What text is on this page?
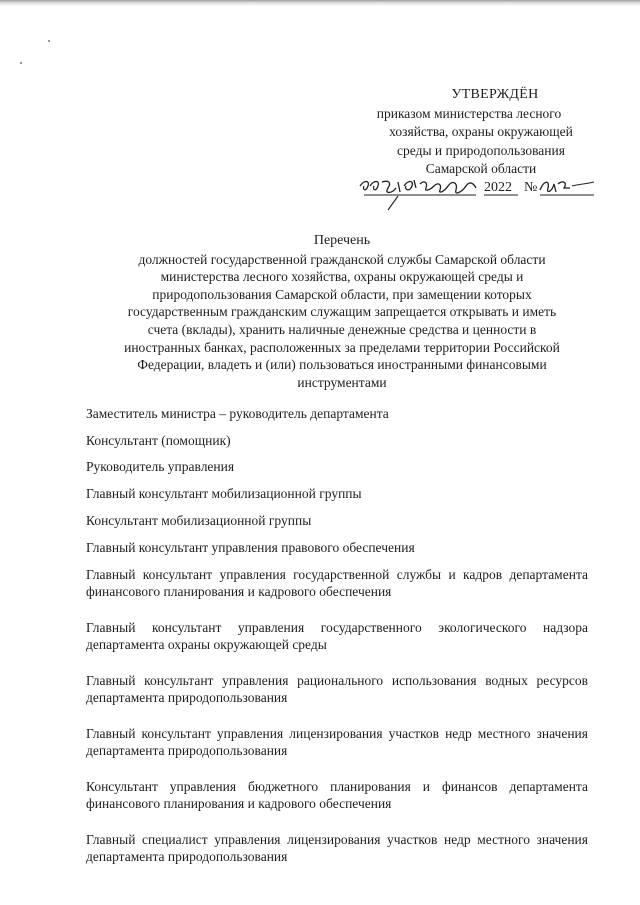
УТВЕРЖДЁН
приказом министерства лесного
хозяйства, охраны окружающей
среды и природопользования
Самарской области
2022 №
Перечень
должностей государственной гражданской службы Самарской области
министерства лесного хозяйства, охраны окружающей среды и
природопользования Самарской области, при замещении которых
государственным гражданским служащим запрещается открывать и иметь
счета (вклады), хранить наличные денежные средства и ценности в
иностранных банках, расположенных за пределами территории Российской
Федерации, владеть и (или) пользоваться иностранными финансовыми
инструментами

Заместитель министра – руководитель департамента

Консультант (помощник)

Руководитель управления

Главный консультант мобилизационной группы

Консультант мобилизационной группы

Главный консультант управления правового обеспечения

Главный консультант управления государственной службы и кадров департамента финансового планирования и кадрового обеспечения

Главный консультант управления государственного экологического надзора департамента охраны окружающей среды

Главный консультант управления рационального использования водных ресурсов департамента природопользования

Главный консультант управления лицензирования участков недр местного значения департамента природопользования

Консультант управления бюджетного планирования и финансов департамента финансового планирования и кадрового обеспечения

Главный специалист управления лицензирования участков недр местного значения департамента природопользования
